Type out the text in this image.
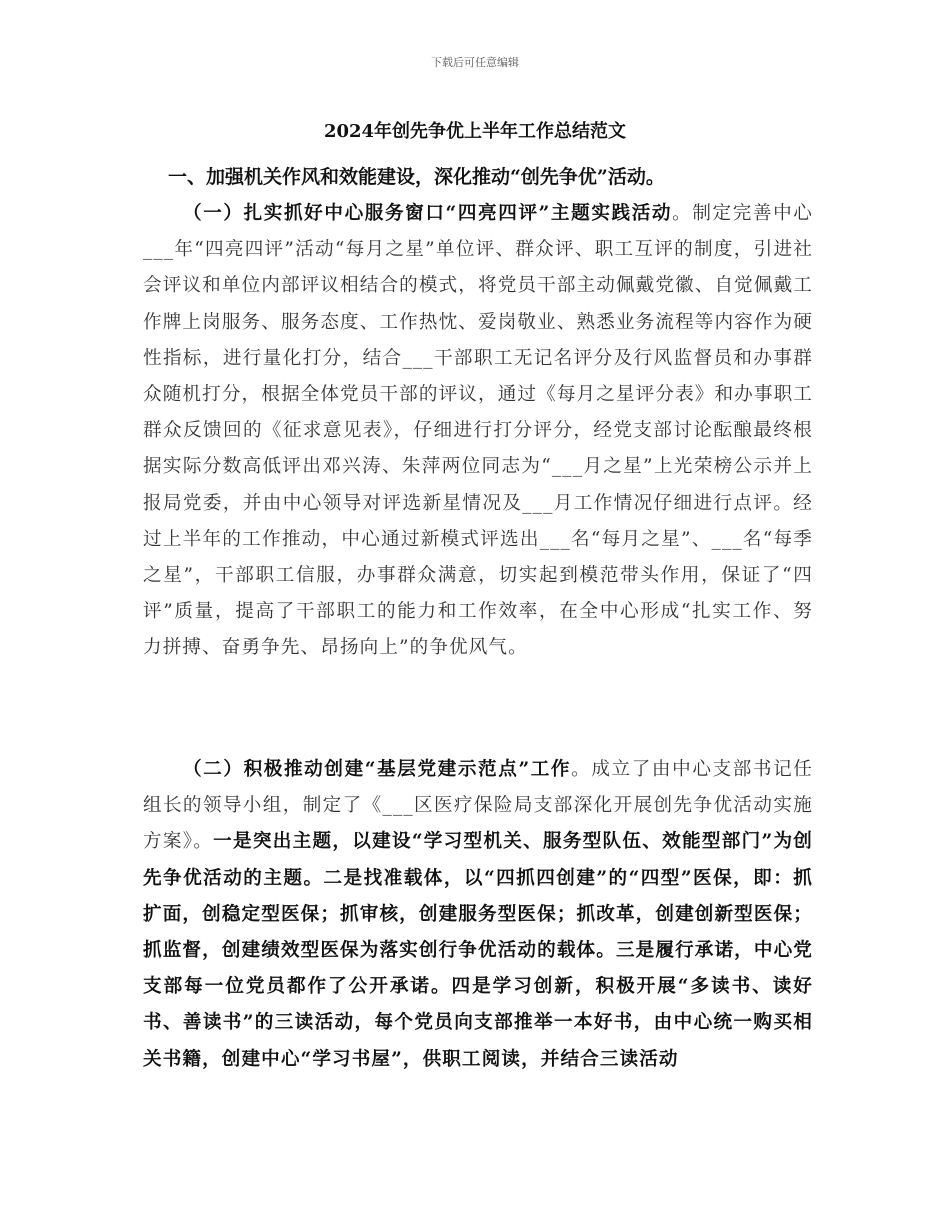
下载后可任意编辑
2024年创先争优上半年工作总结范文
一、加强机关作风和效能建设，深化推动“创先争优”活动。

（一）扎实抓好中心服务窗口“四亮四评”主题实践活动。制定完善中心___年“四亮四评”活动“每月之星”单位评、群众评、职工互评的制度，引进社会评议和单位内部评议相结合的模式，将党员干部主动佩戴党徽、自觉佩戴工作牌上岗服务、服务态度、工作热忱、爱岗敬业、熟悉业务流程等内容作为硬性指标，进行量化打分，结合___干部职工无记名评分及行风监督员和办事群众随机打分，根据全体党员干部的评议，通过《每月之星评分表》和办事职工群众反馈回的《征求意见表》，仔细进行打分评分，经党支部讨论酝酿最终根据实际分数高低评出邓兴涛、朱萍两位同志为“___月之星”上光荣榜公示并上报局党委，并由中心领导对评选新星情况及___月工作情况仔细进行点评。经过上半年的工作推动，中心通过新模式评选出___名“每月之星”、___名“每季之星”，干部职工信服，办事群众满意，切实起到模范带头作用，保证了“四评”质量，提高了干部职工的能力和工作效率，在全中心形成“扎实工作、努力拼搏、奋勇争先、昂扬向上”的争优风气。

（二）积极推动创建“基层党建示范点”工作。成立了由中心支部书记任组长的领导小组，制定了《___区医疗保险局支部深化开展创先争优活动实施方案》。一是突出主题，以建设“学习型机关、服务型队伍、效能型部门”为创先争优活动的主题。二是找准载体，以“四抓四创建”的“四型”医保，即：抓扩面，创稳定型医保；抓审核，创建服务型医保；抓改革，创建创新型医保；抓监督，创建绩效型医保为落实创行争优活动的载体。三是履行承诺，中心党支部每一位党员都作了公开承诺。四是学习创新，积极开展“多读书、读好书、善读书”的三读活动，每个党员向支部推举一本好书，由中心统一购买相关书籍，创建中心“学习书屋”，供职工阅读，并结合三读活动
